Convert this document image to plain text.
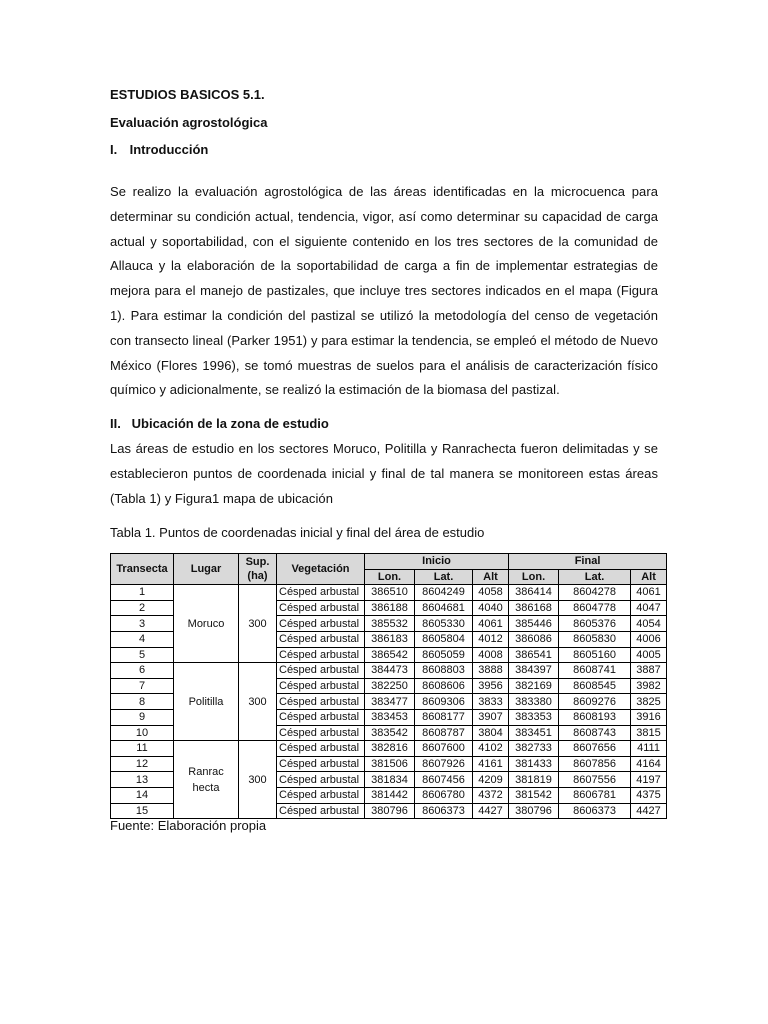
ESTUDIOS BASICOS 5.1.
Evaluación agrostológica
I. Introducción

Se realizo la evaluación agrostológica de las áreas identificadas en la microcuenca para determinar su condición actual, tendencia, vigor, así como determinar su capacidad de carga actual y soportabilidad, con el siguiente contenido en los tres sectores de la comunidad de Allauca y la elaboración de la soportabilidad de carga a fin de implementar estrategias de mejora para el manejo de pastizales, que incluye tres sectores indicados en el mapa (Figura 1). Para estimar la condición del pastizal se utilizó la metodología del censo de vegetación con transecto lineal (Parker 1951) y para estimar la tendencia, se empleó el método de Nuevo México (Flores 1996), se tomó muestras de suelos para el análisis de caracterización físico químico y adicionalmente, se realizó la estimación de la biomasa del pastizal.

II. Ubicación de la zona de estudio

Las áreas de estudio en los sectores Moruco, Politilla y Ranrachecta fueron delimitadas y se establecieron puntos de coordenada inicial y final de tal manera se monitoreen estas áreas (Tabla 1) y Figura1 mapa de ubicación

Tabla 1. Puntos de coordenadas inicial y final del área de estudio
Transecta	Lugar	Sup. (ha)	Vegetación	Inicio			Final		
				Lon.	Lat.	Alt	Lon.	Lat.	Alt
1	Moruco	300	Césped arbustal	386510	8604249	4058	386414	8604278	4061
2			Césped arbustal	386188	8604681	4040	386168	8604778	4047
3			Césped arbustal	385532	8605330	4061	385446	8605376	4054
4			Césped arbustal	386183	8605804	4012	386086	8605830	4006
5			Césped arbustal	386542	8605059	4008	386541	8605160	4005
6	Politilla	300	Césped arbustal	384473	8608803	3888	384397	8608741	3887
7			Césped arbustal	382250	8608606	3956	382169	8608545	3982
8			Césped arbustal	383477	8609306	3833	383380	8609276	3825
9			Césped arbustal	383453	8608177	3907	383353	8608193	3916
10			Césped arbustal	383542	8608787	3804	383451	8608743	3815
11	Ranrac hecta	300	Césped arbustal	382816	8607600	4102	382733	8607656	4111
12			Césped arbustal	381506	8607926	4161	381433	8607856	4164
13			Césped arbustal	381834	8607456	4209	381819	8607556	4197
14			Césped arbustal	381442	8606780	4372	381542	8606781	4375
15			Césped arbustal	380796	8606373	4427	380796	8606373	4427
Fuente: Elaboración propia
